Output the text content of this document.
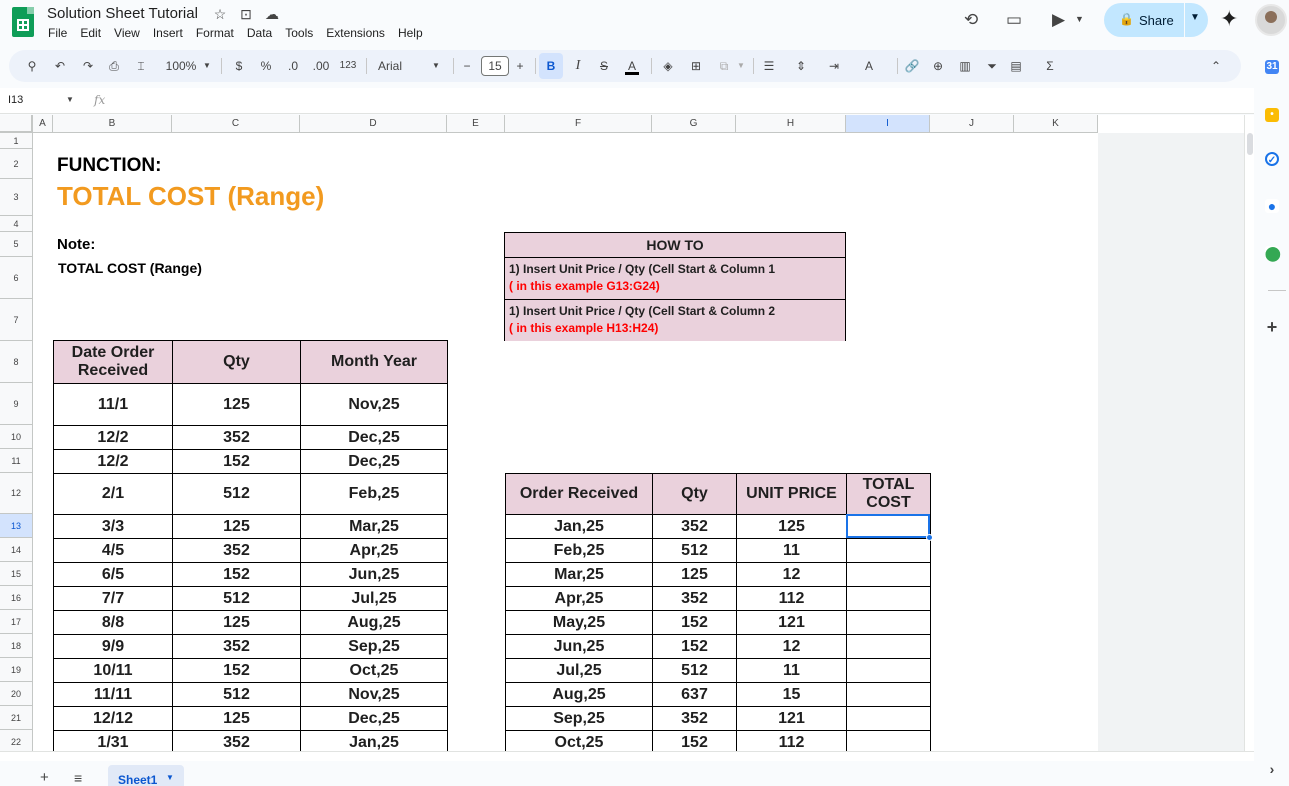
Solution Sheet Tutorial ☆ ⊡ ☁
File Edit View Insert Format Data Tools Extensions Help
⟲ ▭ ▶ ▼	🔒 Share ▼ ✦
⚲ ↶ ↷ ⎙	⌶	100% ▼ $ % .0 .00 123 Arial	▼ −	15	+	B	I	S A ◈ ⊞	⧉	▼ ☰ ⇕ ⇥	A	🔗 ⊕ ▥ ⏷ ▤ Σ	⌃
I13	▼ fx
A	B	C	D	E	F	G	H	I	J	K
1
2
3
4
5
6
7
8
9
10
11
12
13
14
15
16
17
18
19
20
21
22
FUNCTION:
TOTAL COST (Range)
Note:
TOTAL COST (Range)
HOW TO
1) Insert Unit Price / Qty (Cell Start & Column 1
( in this example G13:G24)
1) Insert Unit Price / Qty (Cell Start & Column 2
( in this example H13:H24)
Date Order Received
Qty	Month Year
11/1	125	Nov,25
12/2	352	Dec,25
12/2	152	Dec,25
2/1	512	Feb,25
3/3	125	Mar,25
4/5	352	Apr,25
6/5	152	Jun,25
7/7	512	Jul,25
8/8	125	Aug,25
9/9	352	Sep,25
10/11	152	Oct,25
11/11	512	Nov,25
12/12	125	Dec,25
1/31	352	Jan,25
Order Received	Qty	UNIT PRICE
TOTAL COST
Jan,25	352	125
Feb,25	512	11
Mar,25	125	12
Apr,25	352	112
May,25	152	121
Jun,25	152	12
Jul,25	512	11
Aug,25	637	15
Sep,25	352	121
Oct,25	152	112
+ ≡	Sheet1 ▼
31
•
✓
●
⬤
+
›
